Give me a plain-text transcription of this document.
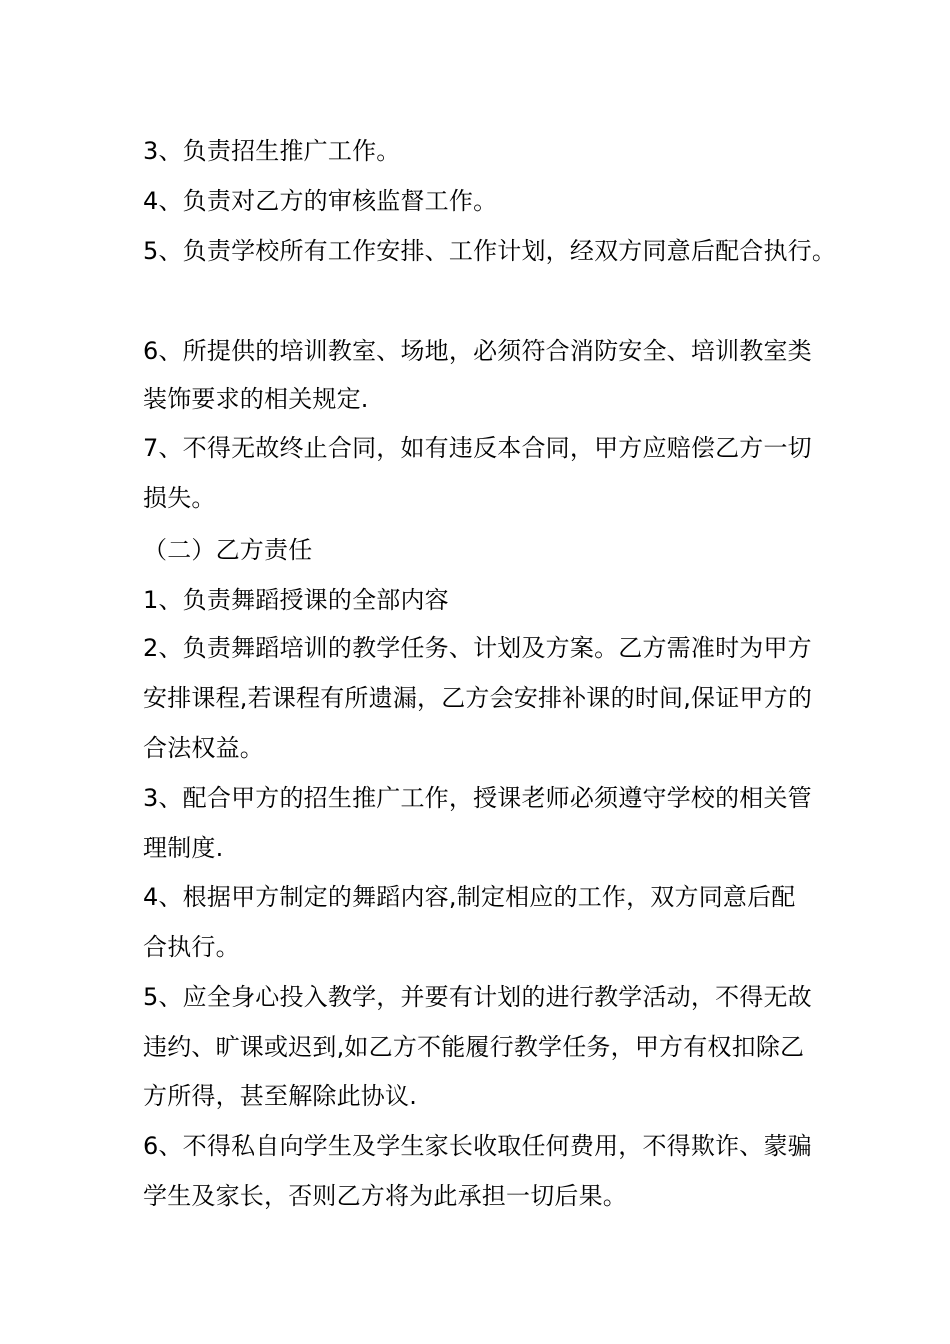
3、负责招生推广工作。
4、负责对乙方的审核监督工作。
5、负责学校所有工作安排、工作计划，经双方同意后配合执行。
6、所提供的培训教室、场地，必须符合消防安全、培训教室类
装饰要求的相关规定.
7、不得无故终止合同，如有违反本合同，甲方应赔偿乙方一切
损失。
（二）乙方责任
1、负责舞蹈授课的全部内容
2、负责舞蹈培训的教学任务、计划及方案。乙方需准时为甲方
安排课程,若课程有所遗漏，乙方会安排补课的时间,保证甲方的
合法权益。
3、配合甲方的招生推广工作，授课老师必须遵守学校的相关管
理制度.
4、根据甲方制定的舞蹈内容,制定相应的工作，双方同意后配
合执行。
5、应全身心投入教学，并要有计划的进行教学活动，不得无故
违约、旷课或迟到,如乙方不能履行教学任务，甲方有权扣除乙
方所得，甚至解除此协议.
6、不得私自向学生及学生家长收取任何费用，不得欺诈、蒙骗
学生及家长，否则乙方将为此承担一切后果。
